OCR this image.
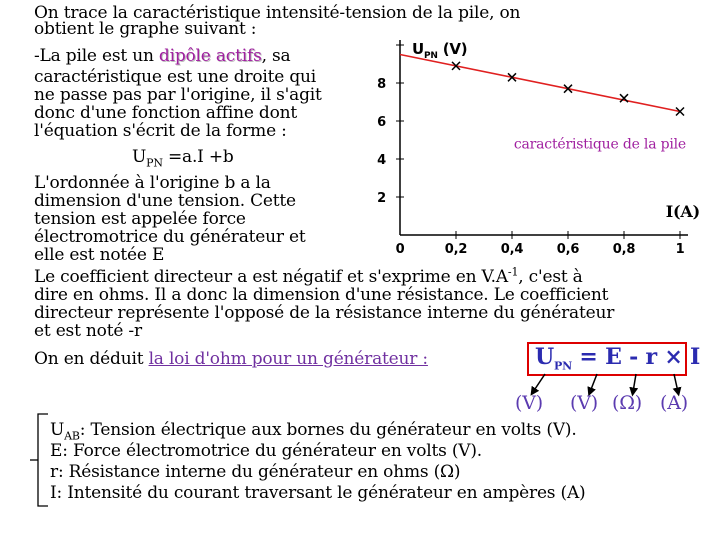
On trace la caractéristique intensité-tension de la pile, on
obtient le graphe suivant :
caractéristique est une droite qui
ne passe pas par l'origine, il s'agit
donc d'une fonction affine dont
l'équation s'écrit de la forme :
L'ordonnée à l'origine b a la
dimension d'une tension. Cette
tension est appelée force
électromotrice du générateur et
elle est notée E
dire en ohms. Il a donc la dimension d'une résistance. Le coefficient
directeur représente l'opposé de la résistance interne du générateur
et est noté -r
-La pile est un dipôle actifs, sa
$U_{PN} =a.I +b$
Le coefficient directeur a est négatif et s'exprime en $V.A^{-1}$, c'est à
On en déduit la loi d'ohm pour un générateur :
0	0,2	0,4	0,6	0,8	1
2
4
6
8
$U_{PN}$ (V)
I(A)
caractéristique de la pile
$U_{PN} = E - r \times I$
(V) (V) (Ω) (A)
$U_{AB}$: Tension électrique aux bornes du générateur en volts (V).
E: Force électromotrice du générateur en volts (V).
r: Résistance interne du générateur en ohms (Ω)
I: Intensité du courant traversant le générateur en ampères (A)
